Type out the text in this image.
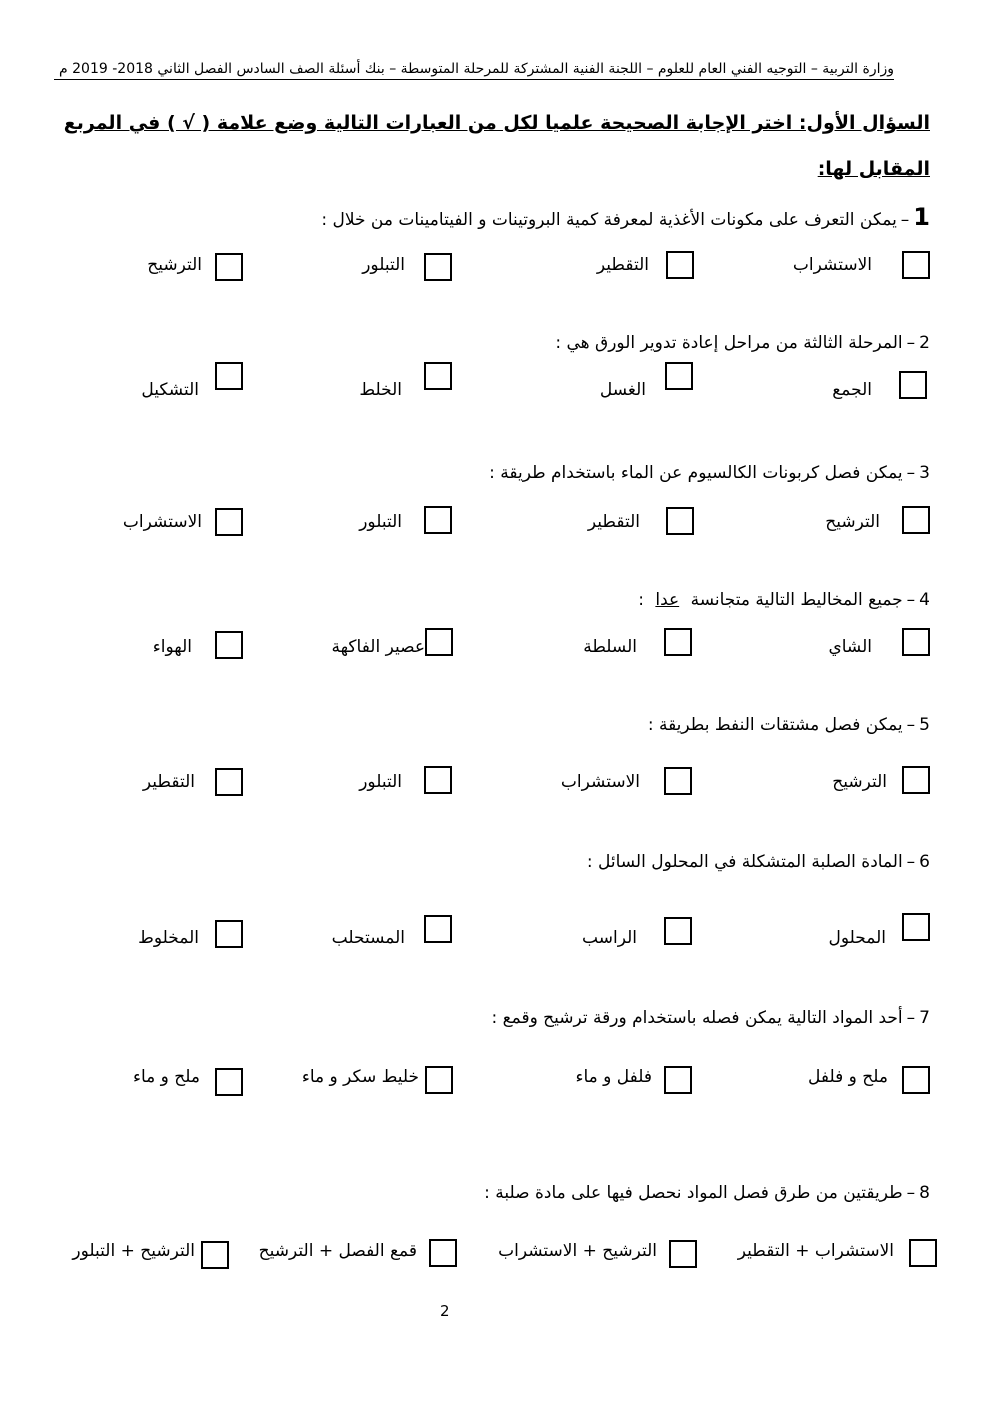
وزارة التربية – التوجيه الفني العام للعلوم – اللجنة الفنية المشتركة للمرحلة المتوسطة – بنك أسئلة الصف السادس الفصل الثاني 2018- 2019 م
السؤال الأول: اختر الإجابة الصحيحة علميا لكل من العبارات التالية وضع علامة ( √ ) في المربع
المقابل لها:
1–يمكن التعرف على مكونات الأغذية لمعرفة كمية البروتينات و الفيتامينات من خلال :
الاستشراب
التقطير
التبلور
الترشيح
2–المرحلة الثالثة من مراحل إعادة تدوير الورق هي :
الجمع
الغسل
الخلط
التشكيل
3–يمكن فصل كربونات الكالسيوم عن الماء باستخدام طريقة :
الترشيح
التقطير
التبلور
الاستشراب
4–جميع المخاليط التالية متجانسة عدا :
الشاي
السلطة
عصير الفاكهة
الهواء
5–يمكن فصل مشتقات النفط بطريقة :
الترشيح
الاستشراب
التبلور
التقطير
6–المادة الصلبة المتشكلة في المحلول السائل :
المحلول
الراسب
المستحلب
المخلوط
7–أحد المواد التالية يمكن فصله باستخدام ورقة ترشيح وقمع :
ملح و فلفل
فلفل و ماء
خليط سكر و ماء
ملح و ماء
8–طريقتين من طرق فصل المواد نحصل فيها على مادة صلبة :
الاستشراب + التقطير
الترشيح + الاستشراب
قمع الفصل + الترشيح
الترشيح + التبلور
2
